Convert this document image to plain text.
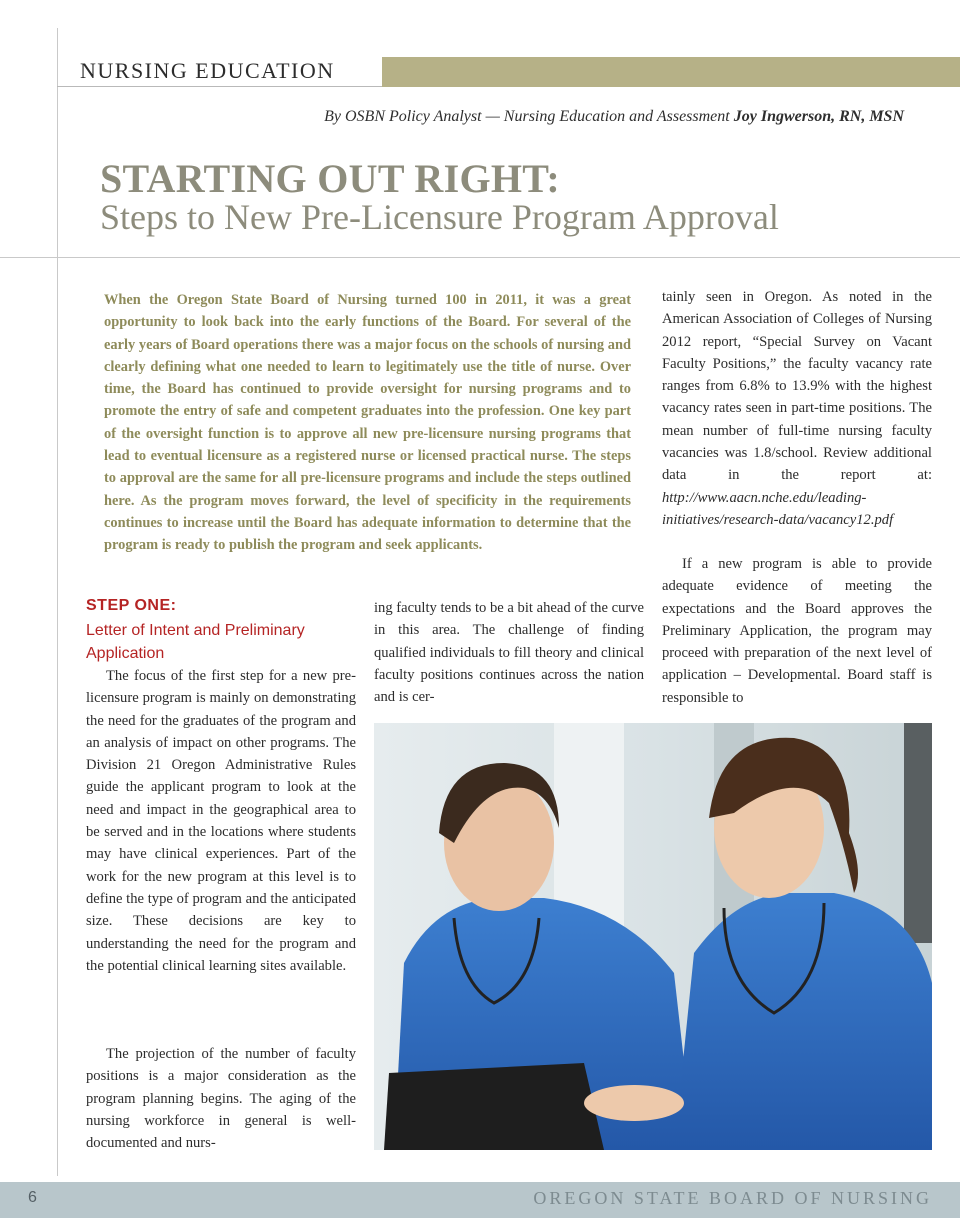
NURSING EDUCATION
By OSBN Policy Analyst — Nursing Education and Assessment Joy Ingwerson, RN, MSN
STARTING OUT RIGHT:
Steps to New Pre-Licensure Program Approval

When the Oregon State Board of Nursing turned 100 in 2011, it was a great opportunity to look back into the early functions of the Board. For several of the early years of Board operations there was a major focus on the schools of nursing and clearly defining what one needed to learn to legitimately use the title of nurse. Over time, the Board has continued to provide oversight for nursing programs and to promote the entry of safe and competent graduates into the profession. One key part of the oversight function is to approve all new pre-licensure nursing programs that lead to eventual licensure as a registered nurse or licensed practical nurse. The steps to approval are the same for all pre-licensure programs and include the steps outlined here. As the program moves forward, the level of specificity in the requirements continues to increase until the Board has adequate information to determine that the program is ready to publish the program and seek applicants.

tainly seen in Oregon. As noted in the American Association of Colleges of Nursing 2012 report, “Special Survey on Vacant Faculty Positions,” the faculty vacancy rate ranges from 6.8% to 13.9% with the highest vacancy rates seen in part-time positions. The mean number of full-time nursing faculty vacancies was 1.8/school. Review additional data in the report at: http://www.aacn.nche.edu/leading-initiatives/research-data/vacancy12.pdf

If a new program is able to provide adequate evidence of meeting the expectations and the Board approves the Preliminary Application, the program may proceed with preparation of the next level of application – Developmental. Board staff is responsible to

STEP ONE:
Letter of Intent and Preliminary Application

The focus of the first step for a new pre-licensure program is mainly on demonstrating the need for the graduates of the program and an analysis of impact on other programs. The Division 21 Oregon Administrative Rules guide the applicant program to look at the need and impact in the geographical area to be served and in the locations where students may have clinical experiences. Part of the work for the new program at this level is to define the type of program and the anticipated size. These decisions are key to understanding the need for the program and the potential clinical learning sites available.

The projection of the number of faculty positions is a major consideration as the program planning begins. The aging of the nursing workforce in general is well-documented and nurs-

ing faculty tends to be a bit ahead of the curve in this area. The challenge of finding qualified individuals to fill theory and clinical faculty positions continues across the nation and is cer-

6	OREGON STATE BOARD OF NURSING
